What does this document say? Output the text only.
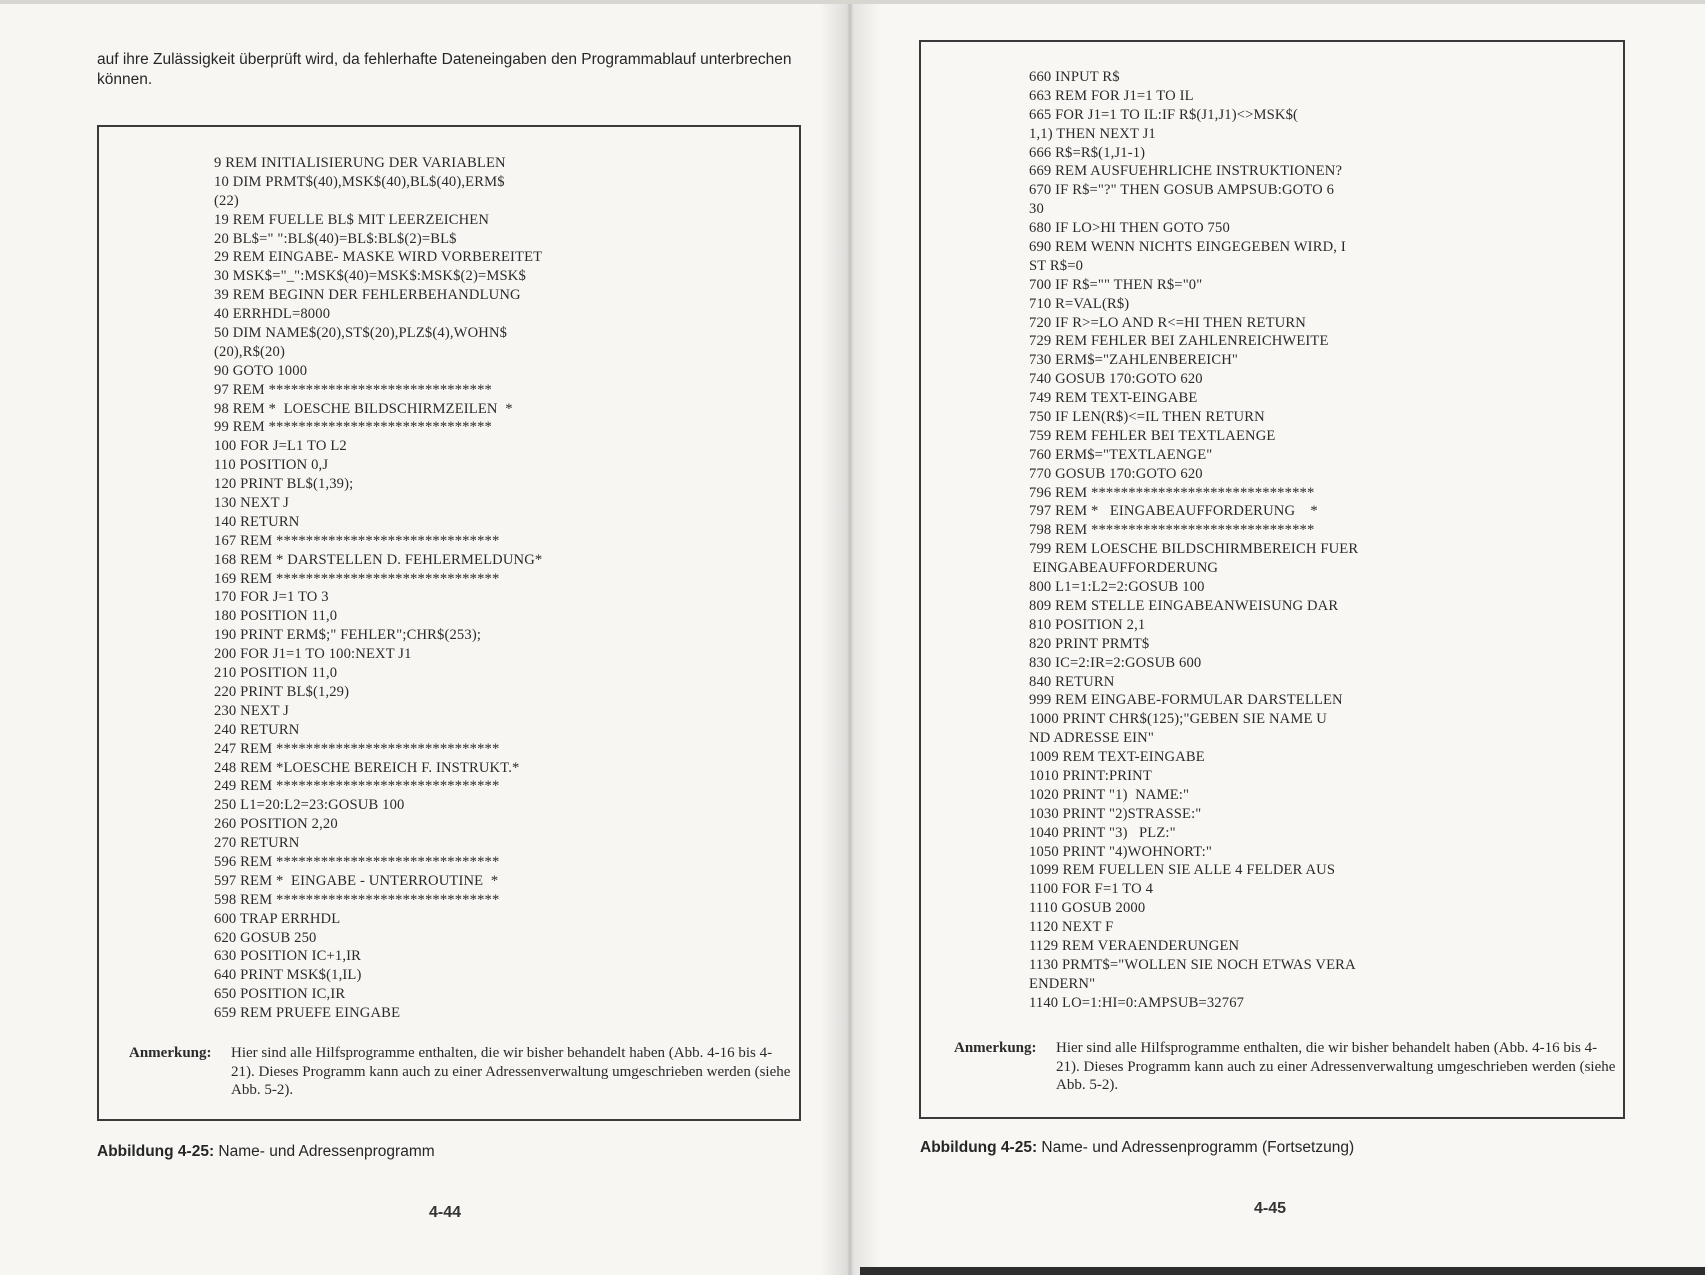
auf ihre Zulässigkeit überprüft wird, da fehlerhafte Dateneingaben den Programmablauf unterbrechen können.
9 REM INITIALISIERUNG DER VARIABLEN
10 DIM PRMT$(40),MSK$(40),BL$(40),ERM$
(22)
19 REM FUELLE BL$ MIT LEERZEICHEN
20 BL$=" ":BL$(40)=BL$:BL$(2)=BL$
29 REM EINGABE- MASKE WIRD VORBEREITET
30 MSK$="_":MSK$(40)=MSK$:MSK$(2)=MSK$
39 REM BEGINN DER FEHLERBEHANDLUNG
40 ERRHDL=8000
50 DIM NAME$(20),ST$(20),PLZ$(4),WOHN$
(20),R$(20)
90 GOTO 1000
97 REM ******************************
98 REM *  LOESCHE BILDSCHIRMZEILEN  *
99 REM ******************************
100 FOR J=L1 TO L2
110 POSITION 0,J
120 PRINT BL$(1,39);
130 NEXT J
140 RETURN
167 REM ******************************
168 REM * DARSTELLEN D. FEHLERMELDUNG*
169 REM ******************************
170 FOR J=1 TO 3
180 POSITION 11,0
190 PRINT ERM$;" FEHLER";CHR$(253);
200 FOR J1=1 TO 100:NEXT J1
210 POSITION 11,0
220 PRINT BL$(1,29)
230 NEXT J
240 RETURN
247 REM ******************************
248 REM *LOESCHE BEREICH F. INSTRUKT.*
249 REM ******************************
250 L1=20:L2=23:GOSUB 100
260 POSITION 2,20
270 RETURN
596 REM ******************************
597 REM *  EINGABE - UNTERROUTINE  *
598 REM ******************************
600 TRAP ERRHDL
620 GOSUB 250
630 POSITION IC+1,IR
640 PRINT MSK$(1,IL)
650 POSITION IC,IR
659 REM PRUEFE EINGABE
Anmerkung: Hier sind alle Hilfsprogramme enthalten, die wir bisher behandelt haben (Abb. 4-16 bis 4-21). Dieses Programm kann auch zu einer Adressenverwaltung umgeschrieben werden (siehe Abb. 5-2).
Abbildung 4-25: Name- und Adressenprogramm
4-44
660 INPUT R$
663 REM FOR J1=1 TO IL
665 FOR J1=1 TO IL:IF R$(J1,J1)<>MSK$(
1,1) THEN NEXT J1
666 R$=R$(1,J1-1)
669 REM AUSFUEHRLICHE INSTRUKTIONEN?
670 IF R$="?" THEN GOSUB AMPSUB:GOTO 6
30
680 IF LO>HI THEN GOTO 750
690 REM WENN NICHTS EINGEGEBEN WIRD, I
ST R$=0
700 IF R$="" THEN R$="0"
710 R=VAL(R$)
720 IF R>=LO AND R<=HI THEN RETURN
729 REM FEHLER BEI ZAHLENREICHWEITE
730 ERM$="ZAHLENBEREICH"
740 GOSUB 170:GOTO 620
749 REM TEXT-EINGABE
750 IF LEN(R$)<=IL THEN RETURN
759 REM FEHLER BEI TEXTLAENGE
760 ERM$="TEXTLAENGE"
770 GOSUB 170:GOTO 620
796 REM ******************************
797 REM *   EINGABEAUFFORDERUNG    *
798 REM ******************************
799 REM LOESCHE BILDSCHIRMBEREICH FUER
EINGABEAUFFORDERUNG
800 L1=1:L2=2:GOSUB 100
809 REM STELLE EINGABEANWEISUNG DAR
810 POSITION 2,1
820 PRINT PRMT$
830 IC=2:IR=2:GOSUB 600
840 RETURN
999 REM EINGABE-FORMULAR DARSTELLEN
1000 PRINT CHR$(125);"GEBEN SIE NAME U
ND ADRESSE EIN"
1009 REM TEXT-EINGABE
1010 PRINT:PRINT
1020 PRINT "1)  NAME:"
1030 PRINT "2)STRASSE:"
1040 PRINT "3)   PLZ:"
1050 PRINT "4)WOHNORT:"
1099 REM FUELLEN SIE ALLE 4 FELDER AUS
1100 FOR F=1 TO 4
1110 GOSUB 2000
1120 NEXT F
1129 REM VERAENDERUNGEN
1130 PRMT$="WOLLEN SIE NOCH ETWAS VERA
ENDERN"
1140 LO=1:HI=0:AMPSUB=32767
Anmerkung: Hier sind alle Hilfsprogramme enthalten, die wir bisher behandelt haben (Abb. 4-16 bis 4-21). Dieses Programm kann auch zu einer Adressenverwaltung umgeschrieben werden (siehe Abb. 5-2).
Abbildung 4-25: Name- und Adressenprogramm (Fortsetzung)
4-45
